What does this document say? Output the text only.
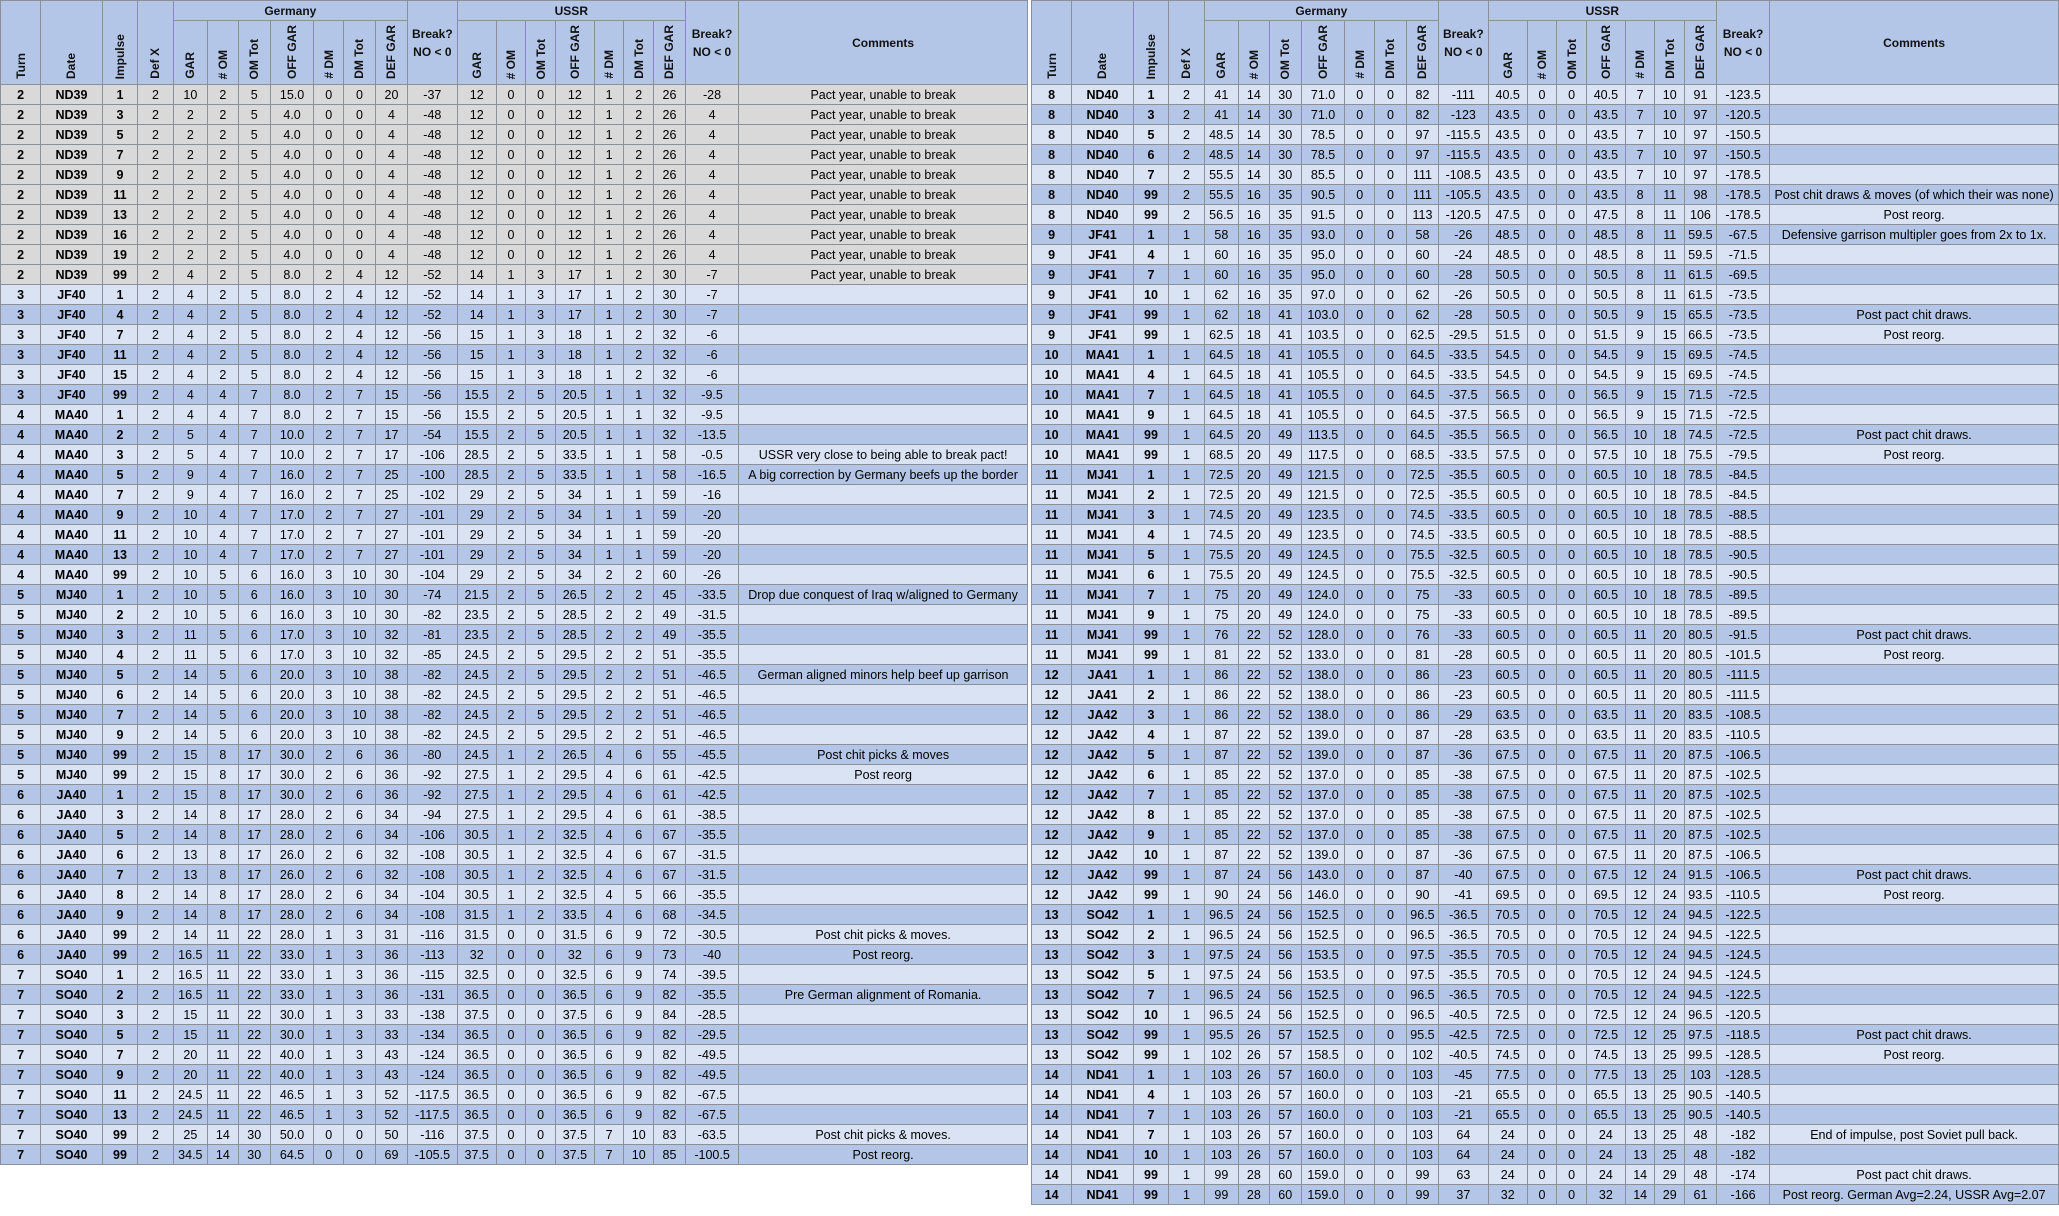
Turn	Date	Impulse	Def X	Germany							Break?
NO < 0	USSR							Break?
NO < 0	Comments
				GAR	# OM	OM Tot	OFF GAR	# DM	DM Tot	DEF GAR		GAR	# OM	OM Tot	OFF GAR	# DM	DM Tot	DEF GAR		
2	ND39	1	2	10	2	5	15.0	0	0	20	-37	12	0	0	12	1	2	26	-28	Pact year, unable to break
2	ND39	3	2	2	2	5	4.0	0	0	4	-48	12	0	0	12	1	2	26	4	Pact year, unable to break
2	ND39	5	2	2	2	5	4.0	0	0	4	-48	12	0	0	12	1	2	26	4	Pact year, unable to break
2	ND39	7	2	2	2	5	4.0	0	0	4	-48	12	0	0	12	1	2	26	4	Pact year, unable to break
2	ND39	9	2	2	2	5	4.0	0	0	4	-48	12	0	0	12	1	2	26	4	Pact year, unable to break
2	ND39	11	2	2	2	5	4.0	0	0	4	-48	12	0	0	12	1	2	26	4	Pact year, unable to break
2	ND39	13	2	2	2	5	4.0	0	0	4	-48	12	0	0	12	1	2	26	4	Pact year, unable to break
2	ND39	16	2	2	2	5	4.0	0	0	4	-48	12	0	0	12	1	2	26	4	Pact year, unable to break
2	ND39	19	2	2	2	5	4.0	0	0	4	-48	12	0	0	12	1	2	26	4	Pact year, unable to break
2	ND39	99	2	4	2	5	8.0	2	4	12	-52	14	1	3	17	1	2	30	-7	Pact year, unable to break
3	JF40	1	2	4	2	5	8.0	2	4	12	-52	14	1	3	17	1	2	30	-7	
3	JF40	4	2	4	2	5	8.0	2	4	12	-52	14	1	3	17	1	2	30	-7	
3	JF40	7	2	4	2	5	8.0	2	4	12	-56	15	1	3	18	1	2	32	-6	
3	JF40	11	2	4	2	5	8.0	2	4	12	-56	15	1	3	18	1	2	32	-6	
3	JF40	15	2	4	2	5	8.0	2	4	12	-56	15	1	3	18	1	2	32	-6	
3	JF40	99	2	4	4	7	8.0	2	7	15	-56	15.5	2	5	20.5	1	1	32	-9.5	
4	MA40	1	2	4	4	7	8.0	2	7	15	-56	15.5	2	5	20.5	1	1	32	-9.5	
4	MA40	2	2	5	4	7	10.0	2	7	17	-54	15.5	2	5	20.5	1	1	32	-13.5	
4	MA40	3	2	5	4	7	10.0	2	7	17	-106	28.5	2	5	33.5	1	1	58	-0.5	USSR very close to being able to break pact!
4	MA40	5	2	9	4	7	16.0	2	7	25	-100	28.5	2	5	33.5	1	1	58	-16.5	A big correction by Germany beefs up the border
4	MA40	7	2	9	4	7	16.0	2	7	25	-102	29	2	5	34	1	1	59	-16	
4	MA40	9	2	10	4	7	17.0	2	7	27	-101	29	2	5	34	1	1	59	-20	
4	MA40	11	2	10	4	7	17.0	2	7	27	-101	29	2	5	34	1	1	59	-20	
4	MA40	13	2	10	4	7	17.0	2	7	27	-101	29	2	5	34	1	1	59	-20	
4	MA40	99	2	10	5	6	16.0	3	10	30	-104	29	2	5	34	2	2	60	-26	
5	MJ40	1	2	10	5	6	16.0	3	10	30	-74	21.5	2	5	26.5	2	2	45	-33.5	Drop due conquest of Iraq w/aligned to Germany
5	MJ40	2	2	10	5	6	16.0	3	10	30	-82	23.5	2	5	28.5	2	2	49	-31.5	
5	MJ40	3	2	11	5	6	17.0	3	10	32	-81	23.5	2	5	28.5	2	2	49	-35.5	
5	MJ40	4	2	11	5	6	17.0	3	10	32	-85	24.5	2	5	29.5	2	2	51	-35.5	
5	MJ40	5	2	14	5	6	20.0	3	10	38	-82	24.5	2	5	29.5	2	2	51	-46.5	German aligned minors help beef up garrison
5	MJ40	6	2	14	5	6	20.0	3	10	38	-82	24.5	2	5	29.5	2	2	51	-46.5	
5	MJ40	7	2	14	5	6	20.0	3	10	38	-82	24.5	2	5	29.5	2	2	51	-46.5	
5	MJ40	9	2	14	5	6	20.0	3	10	38	-82	24.5	2	5	29.5	2	2	51	-46.5	
5	MJ40	99	2	15	8	17	30.0	2	6	36	-80	24.5	1	2	26.5	4	6	55	-45.5	Post chit picks & moves
5	MJ40	99	2	15	8	17	30.0	2	6	36	-92	27.5	1	2	29.5	4	6	61	-42.5	Post reorg
6	JA40	1	2	15	8	17	30.0	2	6	36	-92	27.5	1	2	29.5	4	6	61	-42.5	
6	JA40	3	2	14	8	17	28.0	2	6	34	-94	27.5	1	2	29.5	4	6	61	-38.5	
6	JA40	5	2	14	8	17	28.0	2	6	34	-106	30.5	1	2	32.5	4	6	67	-35.5	
6	JA40	6	2	13	8	17	26.0	2	6	32	-108	30.5	1	2	32.5	4	6	67	-31.5	
6	JA40	7	2	13	8	17	26.0	2	6	32	-108	30.5	1	2	32.5	4	6	67	-31.5	
6	JA40	8	2	14	8	17	28.0	2	6	34	-104	30.5	1	2	32.5	4	5	66	-35.5	
6	JA40	9	2	14	8	17	28.0	2	6	34	-108	31.5	1	2	33.5	4	6	68	-34.5	
6	JA40	99	2	14	11	22	28.0	1	3	31	-116	31.5	0	0	31.5	6	9	72	-30.5	Post chit picks & moves.
6	JA40	99	2	16.5	11	22	33.0	1	3	36	-113	32	0	0	32	6	9	73	-40	Post reorg.
7	SO40	1	2	16.5	11	22	33.0	1	3	36	-115	32.5	0	0	32.5	6	9	74	-39.5	
7	SO40	2	2	16.5	11	22	33.0	1	3	36	-131	36.5	0	0	36.5	6	9	82	-35.5	Pre German alignment of Romania.
7	SO40	3	2	15	11	22	30.0	1	3	33	-138	37.5	0	0	37.5	6	9	84	-28.5	
7	SO40	5	2	15	11	22	30.0	1	3	33	-134	36.5	0	0	36.5	6	9	82	-29.5	
7	SO40	7	2	20	11	22	40.0	1	3	43	-124	36.5	0	0	36.5	6	9	82	-49.5	
7	SO40	9	2	20	11	22	40.0	1	3	43	-124	36.5	0	0	36.5	6	9	82	-49.5	
7	SO40	11	2	24.5	11	22	46.5	1	3	52	-117.5	36.5	0	0	36.5	6	9	82	-67.5	
7	SO40	13	2	24.5	11	22	46.5	1	3	52	-117.5	36.5	0	0	36.5	6	9	82	-67.5	
7	SO40	99	2	25	14	30	50.0	0	0	50	-116	37.5	0	0	37.5	7	10	83	-63.5	Post chit picks & moves.
7	SO40	99	2	34.5	14	30	64.5	0	0	69	-105.5	37.5	0	0	37.5	7	10	85	-100.5	Post reorg.
Turn	Date	Impulse	Def X	Germany							Break?
NO < 0	USSR							Break?
NO < 0	Comments
				GAR	# OM	OM Tot	OFF GAR	# DM	DM Tot	DEF GAR		GAR	# OM	OM Tot	OFF GAR	# DM	DM Tot	DEF GAR		
8	ND40	1	2	41	14	30	71.0	0	0	82	-111	40.5	0	0	40.5	7	10	91	-123.5	
8	ND40	3	2	41	14	30	71.0	0	0	82	-123	43.5	0	0	43.5	7	10	97	-120.5	
8	ND40	5	2	48.5	14	30	78.5	0	0	97	-115.5	43.5	0	0	43.5	7	10	97	-150.5	
8	ND40	6	2	48.5	14	30	78.5	0	0	97	-115.5	43.5	0	0	43.5	7	10	97	-150.5	
8	ND40	7	2	55.5	14	30	85.5	0	0	111	-108.5	43.5	0	0	43.5	7	10	97	-178.5	
8	ND40	99	2	55.5	16	35	90.5	0	0	111	-105.5	43.5	0	0	43.5	8	11	98	-178.5	Post chit draws & moves (of which their was none)
8	ND40	99	2	56.5	16	35	91.5	0	0	113	-120.5	47.5	0	0	47.5	8	11	106	-178.5	Post reorg.
9	JF41	1	1	58	16	35	93.0	0	0	58	-26	48.5	0	0	48.5	8	11	59.5	-67.5	Defensive garrison multipler goes from 2x to 1x.
9	JF41	4	1	60	16	35	95.0	0	0	60	-24	48.5	0	0	48.5	8	11	59.5	-71.5	
9	JF41	7	1	60	16	35	95.0	0	0	60	-28	50.5	0	0	50.5	8	11	61.5	-69.5	
9	JF41	10	1	62	16	35	97.0	0	0	62	-26	50.5	0	0	50.5	8	11	61.5	-73.5	
9	JF41	99	1	62	18	41	103.0	0	0	62	-28	50.5	0	0	50.5	9	15	65.5	-73.5	Post pact chit draws.
9	JF41	99	1	62.5	18	41	103.5	0	0	62.5	-29.5	51.5	0	0	51.5	9	15	66.5	-73.5	Post reorg.
10	MA41	1	1	64.5	18	41	105.5	0	0	64.5	-33.5	54.5	0	0	54.5	9	15	69.5	-74.5	
10	MA41	4	1	64.5	18	41	105.5	0	0	64.5	-33.5	54.5	0	0	54.5	9	15	69.5	-74.5	
10	MA41	7	1	64.5	18	41	105.5	0	0	64.5	-37.5	56.5	0	0	56.5	9	15	71.5	-72.5	
10	MA41	9	1	64.5	18	41	105.5	0	0	64.5	-37.5	56.5	0	0	56.5	9	15	71.5	-72.5	
10	MA41	99	1	64.5	20	49	113.5	0	0	64.5	-35.5	56.5	0	0	56.5	10	18	74.5	-72.5	Post pact chit draws.
10	MA41	99	1	68.5	20	49	117.5	0	0	68.5	-33.5	57.5	0	0	57.5	10	18	75.5	-79.5	Post reorg.
11	MJ41	1	1	72.5	20	49	121.5	0	0	72.5	-35.5	60.5	0	0	60.5	10	18	78.5	-84.5	
11	MJ41	2	1	72.5	20	49	121.5	0	0	72.5	-35.5	60.5	0	0	60.5	10	18	78.5	-84.5	
11	MJ41	3	1	74.5	20	49	123.5	0	0	74.5	-33.5	60.5	0	0	60.5	10	18	78.5	-88.5	
11	MJ41	4	1	74.5	20	49	123.5	0	0	74.5	-33.5	60.5	0	0	60.5	10	18	78.5	-88.5	
11	MJ41	5	1	75.5	20	49	124.5	0	0	75.5	-32.5	60.5	0	0	60.5	10	18	78.5	-90.5	
11	MJ41	6	1	75.5	20	49	124.5	0	0	75.5	-32.5	60.5	0	0	60.5	10	18	78.5	-90.5	
11	MJ41	7	1	75	20	49	124.0	0	0	75	-33	60.5	0	0	60.5	10	18	78.5	-89.5	
11	MJ41	9	1	75	20	49	124.0	0	0	75	-33	60.5	0	0	60.5	10	18	78.5	-89.5	
11	MJ41	99	1	76	22	52	128.0	0	0	76	-33	60.5	0	0	60.5	11	20	80.5	-91.5	Post pact chit draws.
11	MJ41	99	1	81	22	52	133.0	0	0	81	-28	60.5	0	0	60.5	11	20	80.5	-101.5	Post reorg.
12	JA41	1	1	86	22	52	138.0	0	0	86	-23	60.5	0	0	60.5	11	20	80.5	-111.5	
12	JA41	2	1	86	22	52	138.0	0	0	86	-23	60.5	0	0	60.5	11	20	80.5	-111.5	
12	JA42	3	1	86	22	52	138.0	0	0	86	-29	63.5	0	0	63.5	11	20	83.5	-108.5	
12	JA42	4	1	87	22	52	139.0	0	0	87	-28	63.5	0	0	63.5	11	20	83.5	-110.5	
12	JA42	5	1	87	22	52	139.0	0	0	87	-36	67.5	0	0	67.5	11	20	87.5	-106.5	
12	JA42	6	1	85	22	52	137.0	0	0	85	-38	67.5	0	0	67.5	11	20	87.5	-102.5	
12	JA42	7	1	85	22	52	137.0	0	0	85	-38	67.5	0	0	67.5	11	20	87.5	-102.5	
12	JA42	8	1	85	22	52	137.0	0	0	85	-38	67.5	0	0	67.5	11	20	87.5	-102.5	
12	JA42	9	1	85	22	52	137.0	0	0	85	-38	67.5	0	0	67.5	11	20	87.5	-102.5	
12	JA42	10	1	87	22	52	139.0	0	0	87	-36	67.5	0	0	67.5	11	20	87.5	-106.5	
12	JA42	99	1	87	24	56	143.0	0	0	87	-40	67.5	0	0	67.5	12	24	91.5	-106.5	Post pact chit draws.
12	JA42	99	1	90	24	56	146.0	0	0	90	-41	69.5	0	0	69.5	12	24	93.5	-110.5	Post reorg.
13	SO42	1	1	96.5	24	56	152.5	0	0	96.5	-36.5	70.5	0	0	70.5	12	24	94.5	-122.5	
13	SO42	2	1	96.5	24	56	152.5	0	0	96.5	-36.5	70.5	0	0	70.5	12	24	94.5	-122.5	
13	SO42	3	1	97.5	24	56	153.5	0	0	97.5	-35.5	70.5	0	0	70.5	12	24	94.5	-124.5	
13	SO42	5	1	97.5	24	56	153.5	0	0	97.5	-35.5	70.5	0	0	70.5	12	24	94.5	-124.5	
13	SO42	7	1	96.5	24	56	152.5	0	0	96.5	-36.5	70.5	0	0	70.5	12	24	94.5	-122.5	
13	SO42	10	1	96.5	24	56	152.5	0	0	96.5	-40.5	72.5	0	0	72.5	12	24	96.5	-120.5	
13	SO42	99	1	95.5	26	57	152.5	0	0	95.5	-42.5	72.5	0	0	72.5	12	25	97.5	-118.5	Post pact chit draws.
13	SO42	99	1	102	26	57	158.5	0	0	102	-40.5	74.5	0	0	74.5	13	25	99.5	-128.5	Post reorg.
14	ND41	1	1	103	26	57	160.0	0	0	103	-45	77.5	0	0	77.5	13	25	103	-128.5	
14	ND41	4	1	103	26	57	160.0	0	0	103	-21	65.5	0	0	65.5	13	25	90.5	-140.5	
14	ND41	7	1	103	26	57	160.0	0	0	103	-21	65.5	0	0	65.5	13	25	90.5	-140.5	
14	ND41	7	1	103	26	57	160.0	0	0	103	64	24	0	0	24	13	25	48	-182	End of impulse, post Soviet pull back.
14	ND41	10	1	103	26	57	160.0	0	0	103	64	24	0	0	24	13	25	48	-182	
14	ND41	99	1	99	28	60	159.0	0	0	99	63	24	0	0	24	14	29	48	-174	Post pact chit draws.
14	ND41	99	1	99	28	60	159.0	0	0	99	37	32	0	0	32	14	29	61	-166	Post reorg. German Avg=2.24, USSR Avg=2.07
